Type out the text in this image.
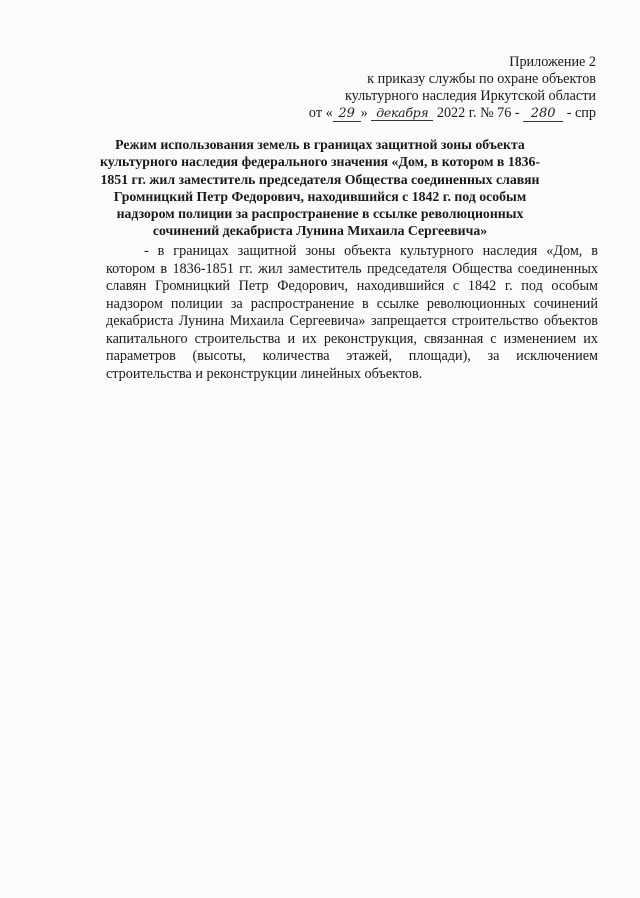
Приложение 2
к приказу службы по охране объектов
культурного наследия Иркутской области
от « 29 » декабря 2022 г. № 76 - 280 - спр

Режим использования земель в границах защитной зоны объекта культурного наследия федерального значения «Дом, в котором в 1836-1851 гг. жил заместитель председателя Общества соединенных славян Громницкий Петр Федорович, находившийся с 1842 г. под особым надзором полиции за распространение в ссылке революционных сочинений декабриста Лунина Михаила Сергеевича»

- в границах защитной зоны объекта культурного наследия «Дом, в котором в 1836-1851 гг. жил заместитель председателя Общества соединенных славян Громницкий Петр Федорович, находившийся с 1842 г. под особым надзором полиции за распространение в ссылке революционных сочинений декабриста Лунина Михаила Сергеевича» запрещается строительство объектов капитального строительства и их реконструкция, связанная с изменением их параметров (высоты, количества этажей, площади), за исключением строительства и реконструкции линейных объектов.
